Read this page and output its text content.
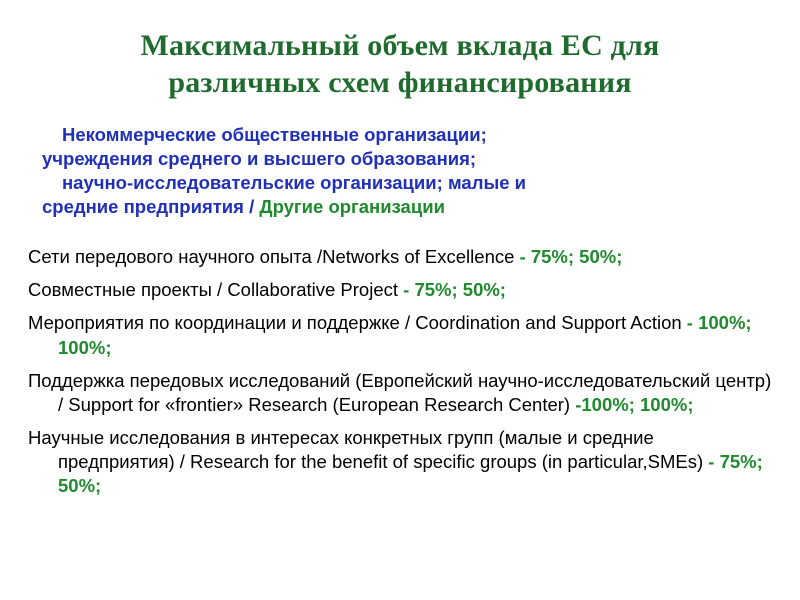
Максимальный объем вклада ЕС для различных схем финансирования
Некоммерческие общественные организации;
учреждения среднего и высшего образования;
научно-исследовательские организации; малые и
средние предприятия / Другие организации
Сети передового научного опыта /Networks of Excellence - 75%; 50%;
Совместные проекты / Collaborative Project - 75%; 50%;
Мероприятия по координации и поддержке / Coordination and Support Action - 100%; 100%;
Поддержка передовых исследований (Европейский научно-исследовательский центр) / Support for «frontier» Research (European Research Center) -100%; 100%;
Научные исследования в интересах конкретных групп (малые и средние предприятия) / Research for the benefit of specific groups (in particular,SMEs) - 75%; 50%;
